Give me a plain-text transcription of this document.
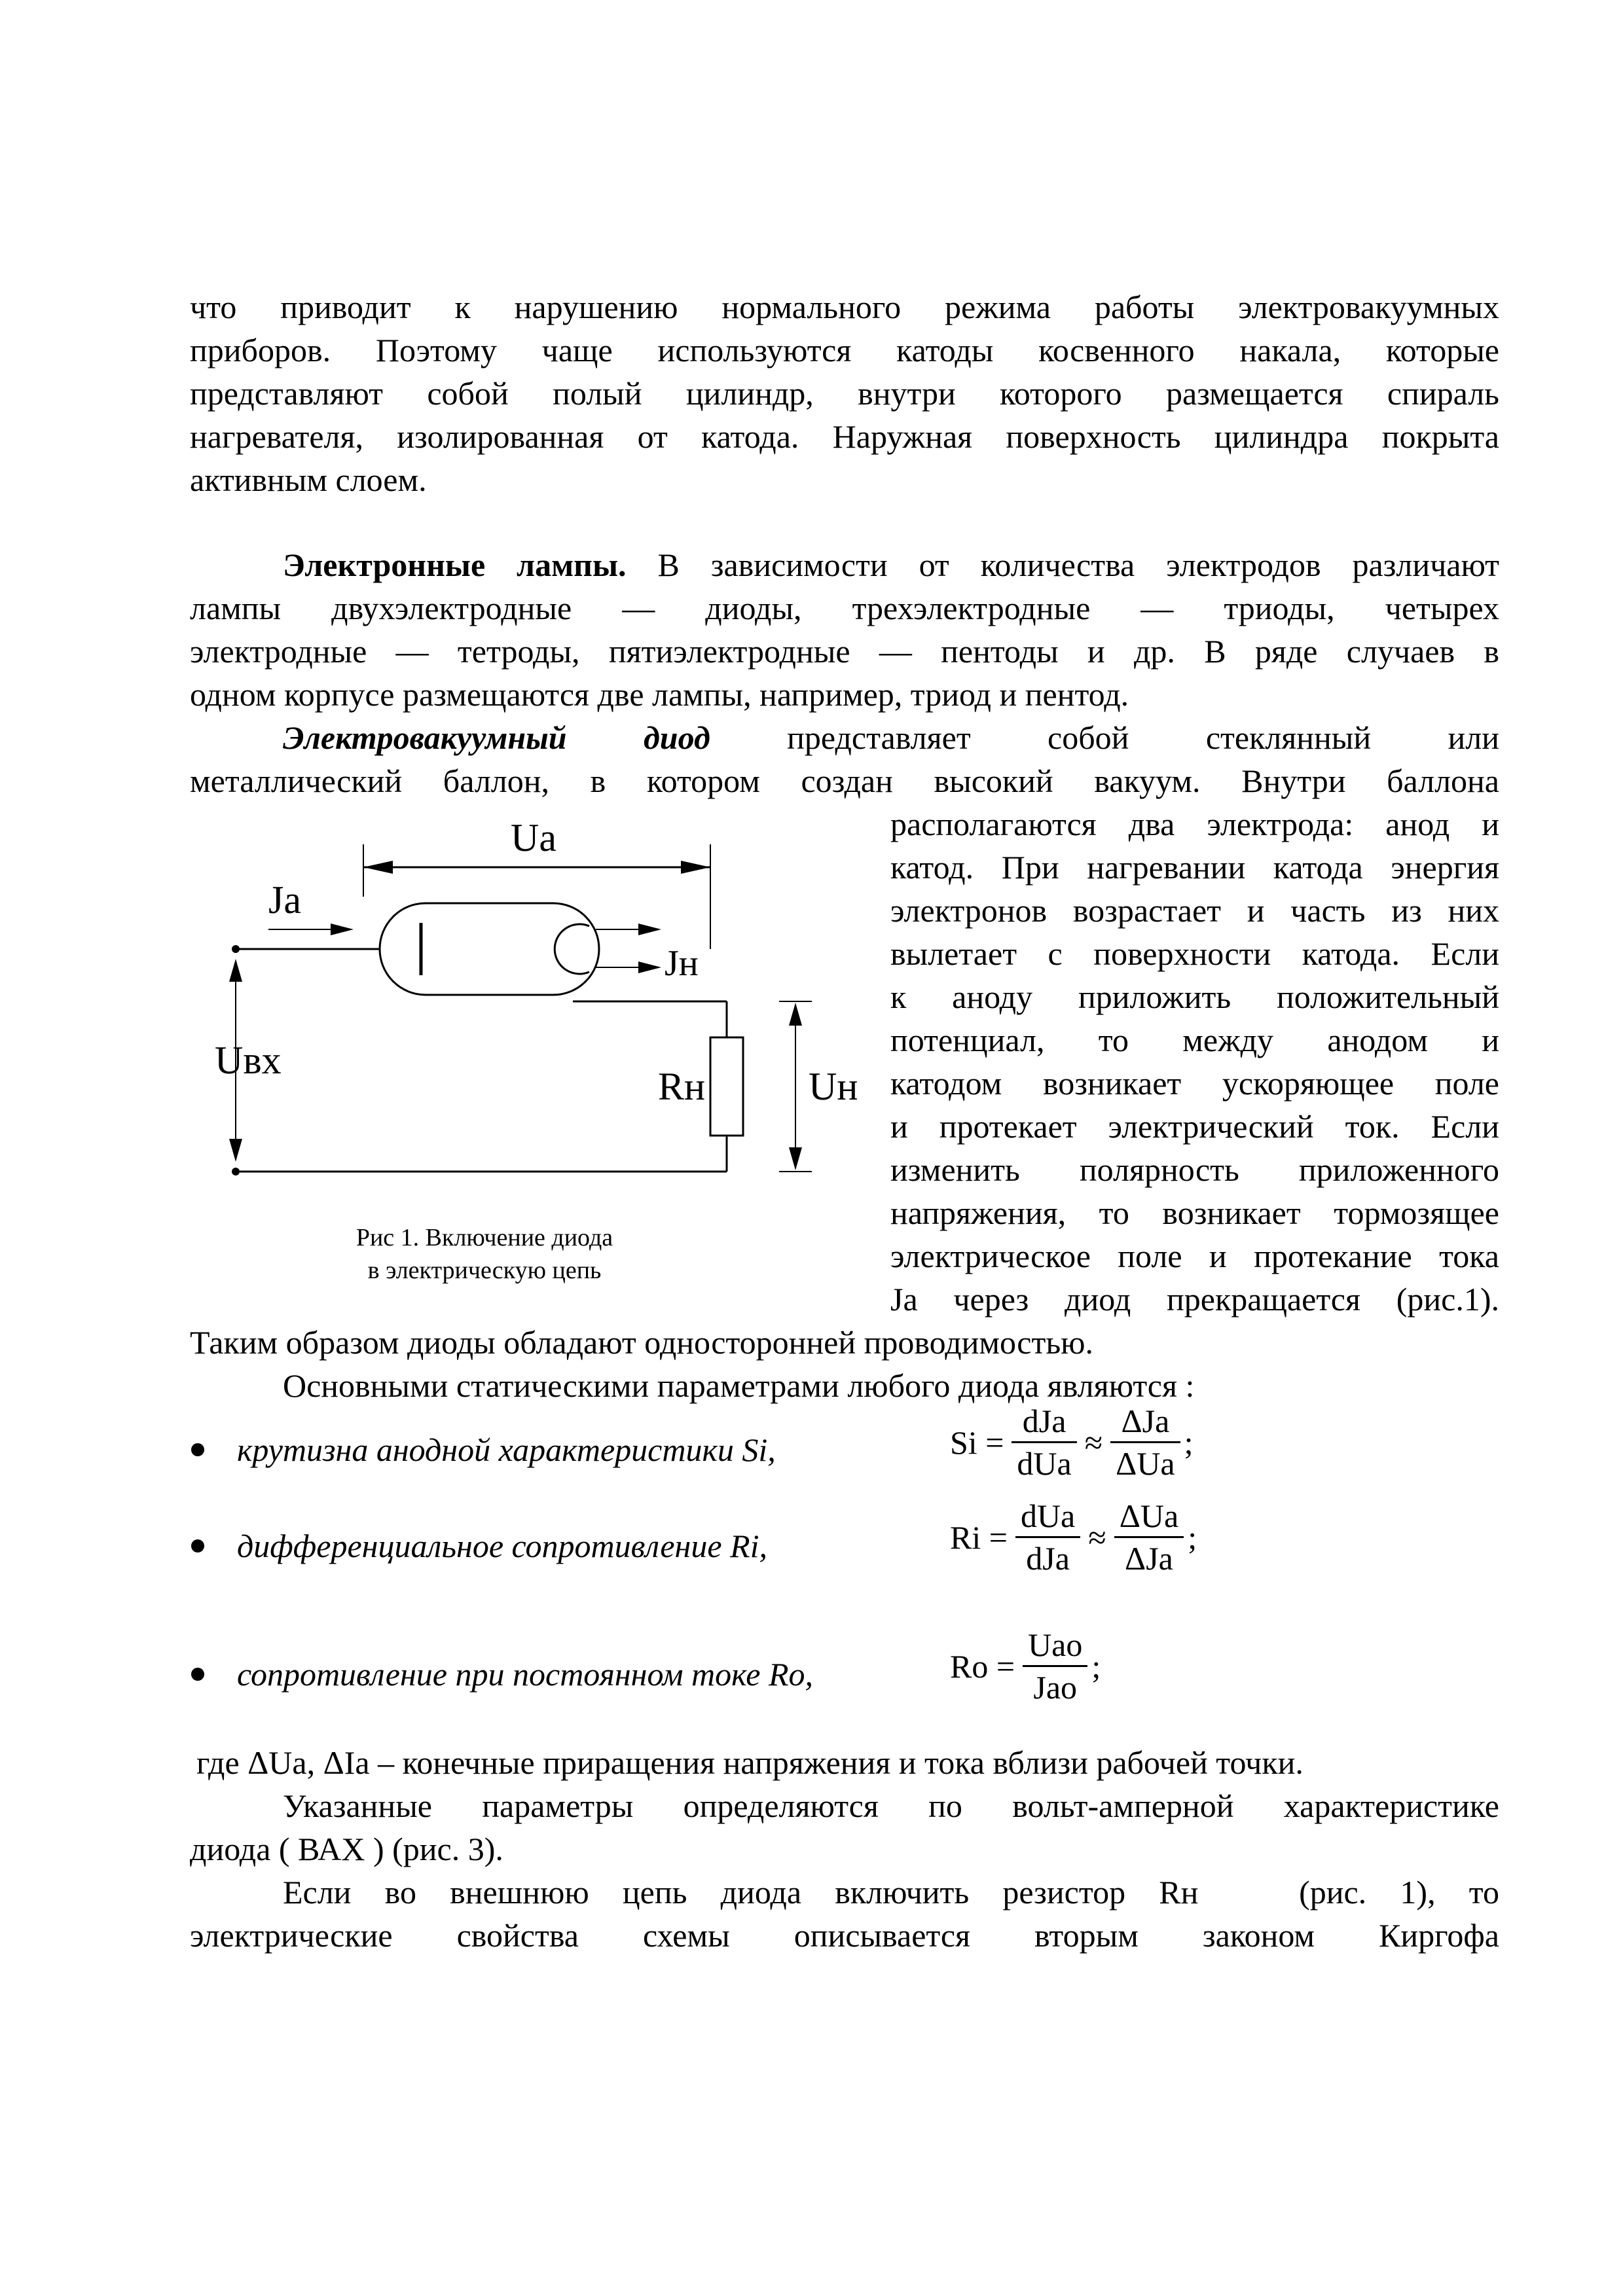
что приводит к нарушению нормального режима работы электровакуумных
приборов. Поэтому чаще используются катоды косвенного накала, которые
представляют собой полый цилиндр, внутри которого размещается спираль
нагревателя, изолированная от катода. Наружная поверхность цилиндра покрыта
активным слоем.
Электронные лампы. В зависимости от количества электродов различают
лампы двухэлектродные — диоды, трехэлектродные — триоды, четырех
электродные — тетроды, пятиэлектродные — пентоды и др. В ряде случаев в
одном корпусе размещаются две лампы, например, триод и пентод.
Электровакуумный диод представляет собой стеклянный или
металлический баллон, в котором создан высокий вакуум. Внутри баллона
располагаются два электрода: анод и
катод. При нагревании катода энергия
электронов возрастает и часть из них
вылетает с поверхности катода. Если
к аноду приложить положительный
потенциал, то между анодом и
катодом возникает ускоряющее поле
и протекает электрический ток. Если
изменить полярность приложенного
напряжения, то возникает тормозящее
электрическое поле и протекание тока
Ja через диод прекращается (рис.1).
Таким образом диоды обладают односторонней проводимостью.
Ua
Ja
Jн
Uвх
Rн	Uн
Рис 1. Включение диода
в электрическую цепь
Основными статическими параметрами любого диода являются :
крутизна анодной характеристики Si,	$Si = \frac{\text{dJa}}{\text{dUa}} \approx \frac{\text{ΔJa}}{\text{ΔUa}}$ ;
дифференциальное сопротивление Ri,	$Ri = \frac{\text{dUa}}{\text{dJa}} \approx \frac{\text{ΔUa}}{\text{ΔJa}}$ ;
сопротивление при постоянном токе Ro,	$Ro = \frac{\text{Uao}}{\text{Jao}}$ ;
где ΔUa, ΔIa – конечные приращения напряжения и тока вблизи рабочей точки.
Указанные параметры определяются по вольт-амперной характеристике
диода ( ВАХ ) (рис. 3).
Если во внешнюю цепь диода включить резистор Rн   (рис. 1), то
электрические свойства схемы описывается вторым законом Киргофа
